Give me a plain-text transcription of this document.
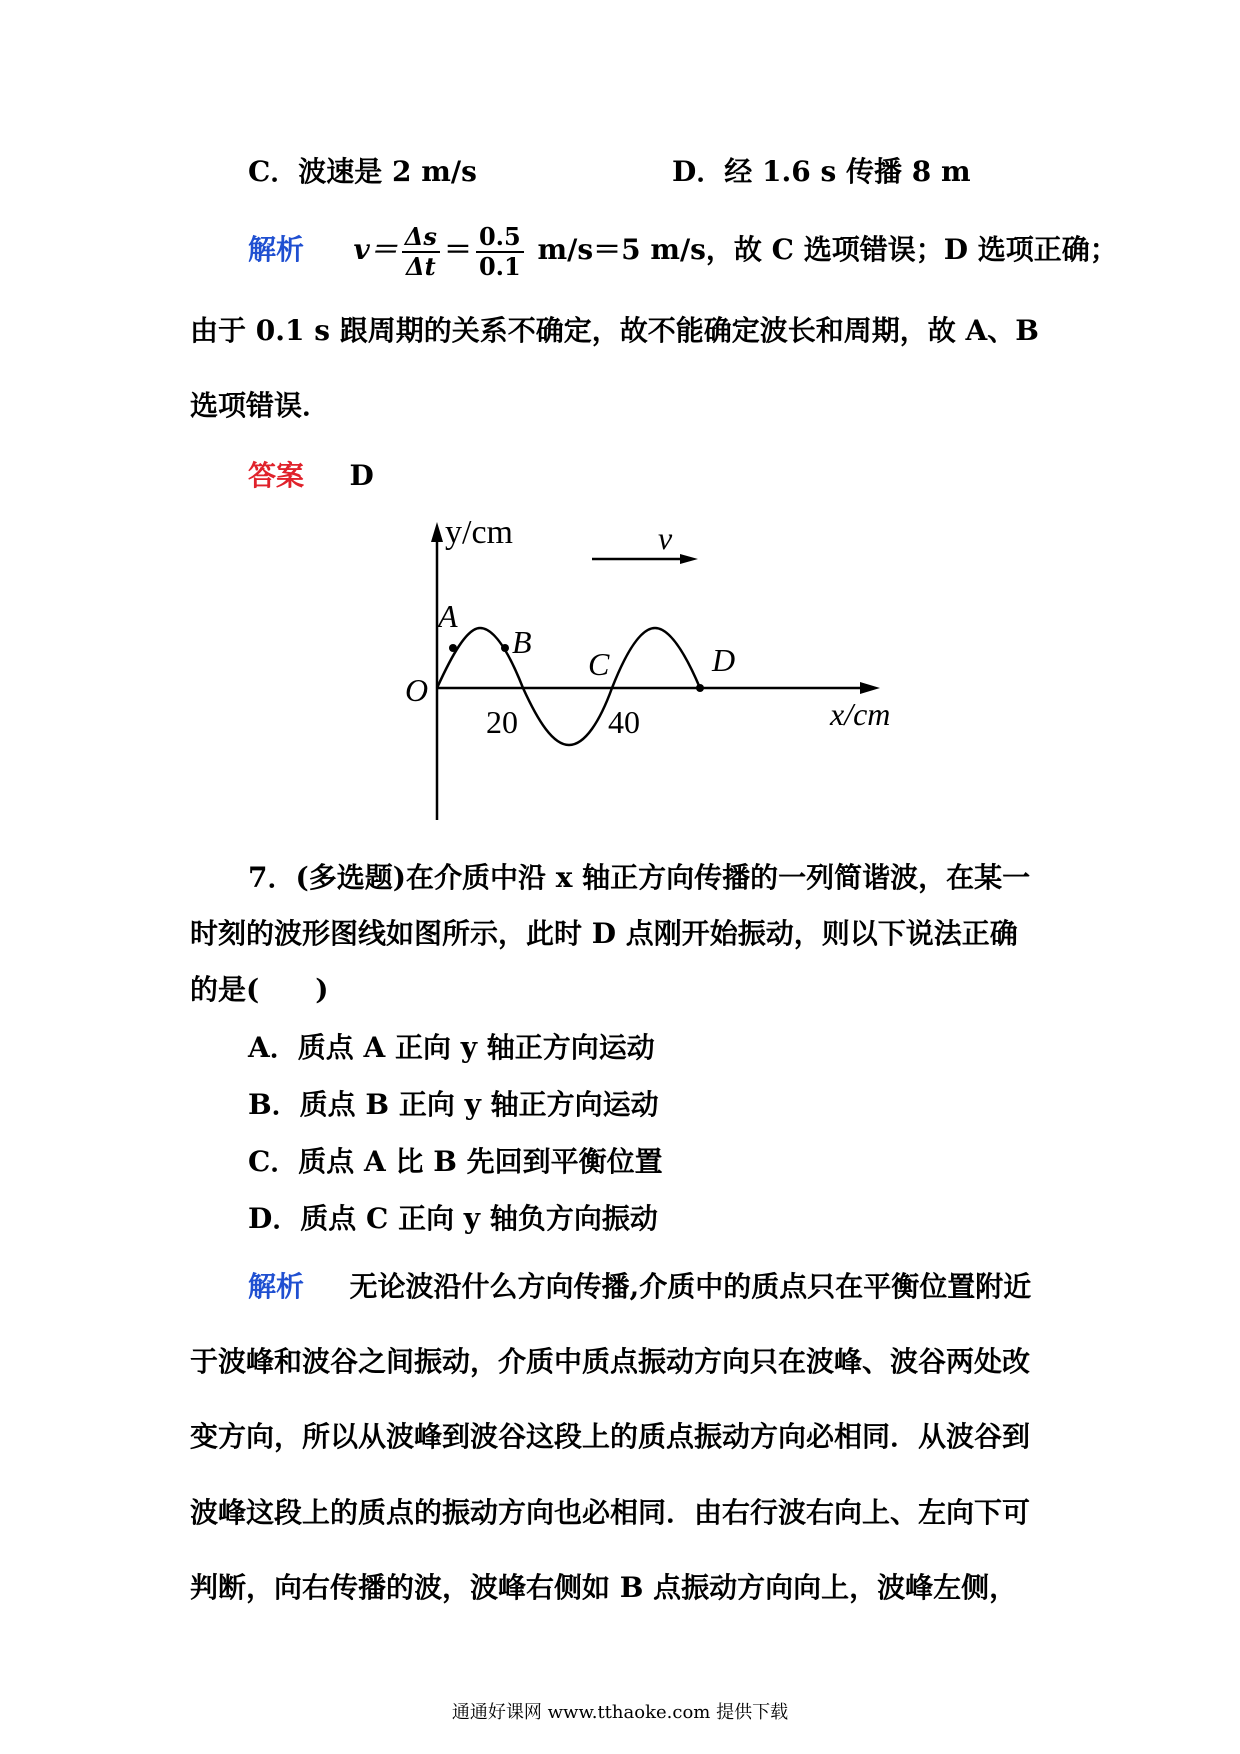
C．波速是 2 m/s	D．经 1.6 s 传播 8 m
解析 $v= \frac{\Delta s}{\Delta t} = \frac{0.5}{0.1} m/s=5$ m/s，故 C 选项错误；D 选项正确；
由于 0.1 s 跟周期的关系不确定，故不能确定波长和周期，故 A、B
选项错误．
答案 D
y/cm	v
A
B
C	D
O
20	40	x/cm
7．(多选题)在介质中沿 x 轴正方向传播的一列简谐波，在某一
时刻的波形图线如图所示，此时 D 点刚开始振动，则以下说法正确
的是(　　)
A．质点 A 正向 y 轴正方向运动
B．质点 B 正向 y 轴正方向运动
C．质点 A 比 B 先回到平衡位置
D．质点 C 正向 y 轴负方向振动
解析 无论波沿什么方向传播,介质中的质点只在平衡位置附近
于波峰和波谷之间振动，介质中质点振动方向只在波峰、波谷两处改
变方向，所以从波峰到波谷这段上的质点振动方向必相同．从波谷到
波峰这段上的质点的振动方向也必相同．由右行波右向上、左向下可
判断，向右传播的波，波峰右侧如 B 点振动方向向上，波峰左侧，
通通好课网 www.tthaoke.com 提供下载
